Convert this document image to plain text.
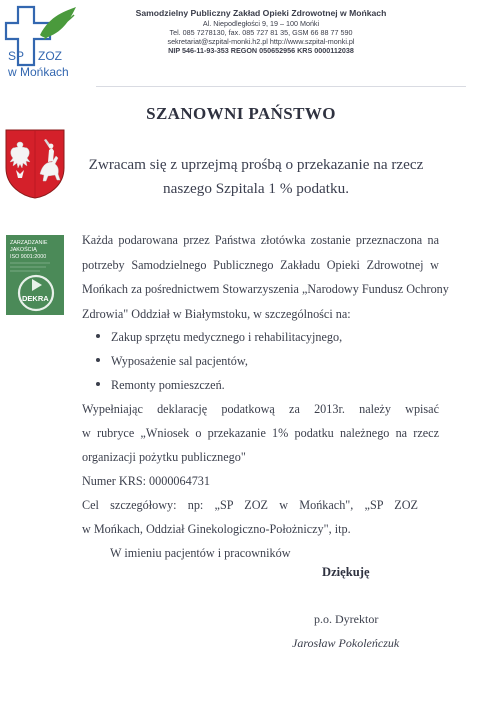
SP ZOZ
w Mońkach
Samodzielny Publiczny Zakład Opieki Zdrowotnej w Mońkach
Al. Niepodległości 9, 19 – 100 Mońki
Tel. 085 7278130, fax. 085 727 81 35, GSM 66 88 77 590
sekretariat@szpital-monki.h2.pl http://www.szpital-monki.pl
NIP 546-11-93-353 REGON 050652956 KRS 0000112038
ZARZĄDZANIE
JAKOŚCIĄ
ISO 9001:2000
DEKRA
SZANOWNI PAŃSTWO
Zwracam się z uprzejmą prośbą o przekazanie na rzecz
naszego Szpitala 1 % podatku.
Każda podarowana przez Państwa złotówka zostanie przeznaczona na
potrzeby Samodzielnego Publicznego Zakładu Opieki Zdrowotnej w
Mońkach za pośrednictwem Stowarzyszenia „Narodowy Fundusz Ochrony
Zdrowia" Oddział w Białymstoku, w szczególności na:
Zakup sprzętu medycznego i rehabilitacyjnego,
Wyposażenie sal pacjentów,
Remonty pomieszczeń.
Wypełniając deklarację podatkową za 2013r. należy wpisać
w rubryce „Wniosek o przekazanie 1% podatku należnego na rzecz
organizacji pożytku publicznego"
Numer KRS: 0000064731
Cel szczegółowy: np: „SP ZOZ w Mońkach", „SP ZOZ
w Mońkach, Oddział Ginekologiczno-Położniczy", itp.
W imieniu pacjentów i pracowników
Dziękuję
p.o. Dyrektor
Jarosław Pokoleńczuk
